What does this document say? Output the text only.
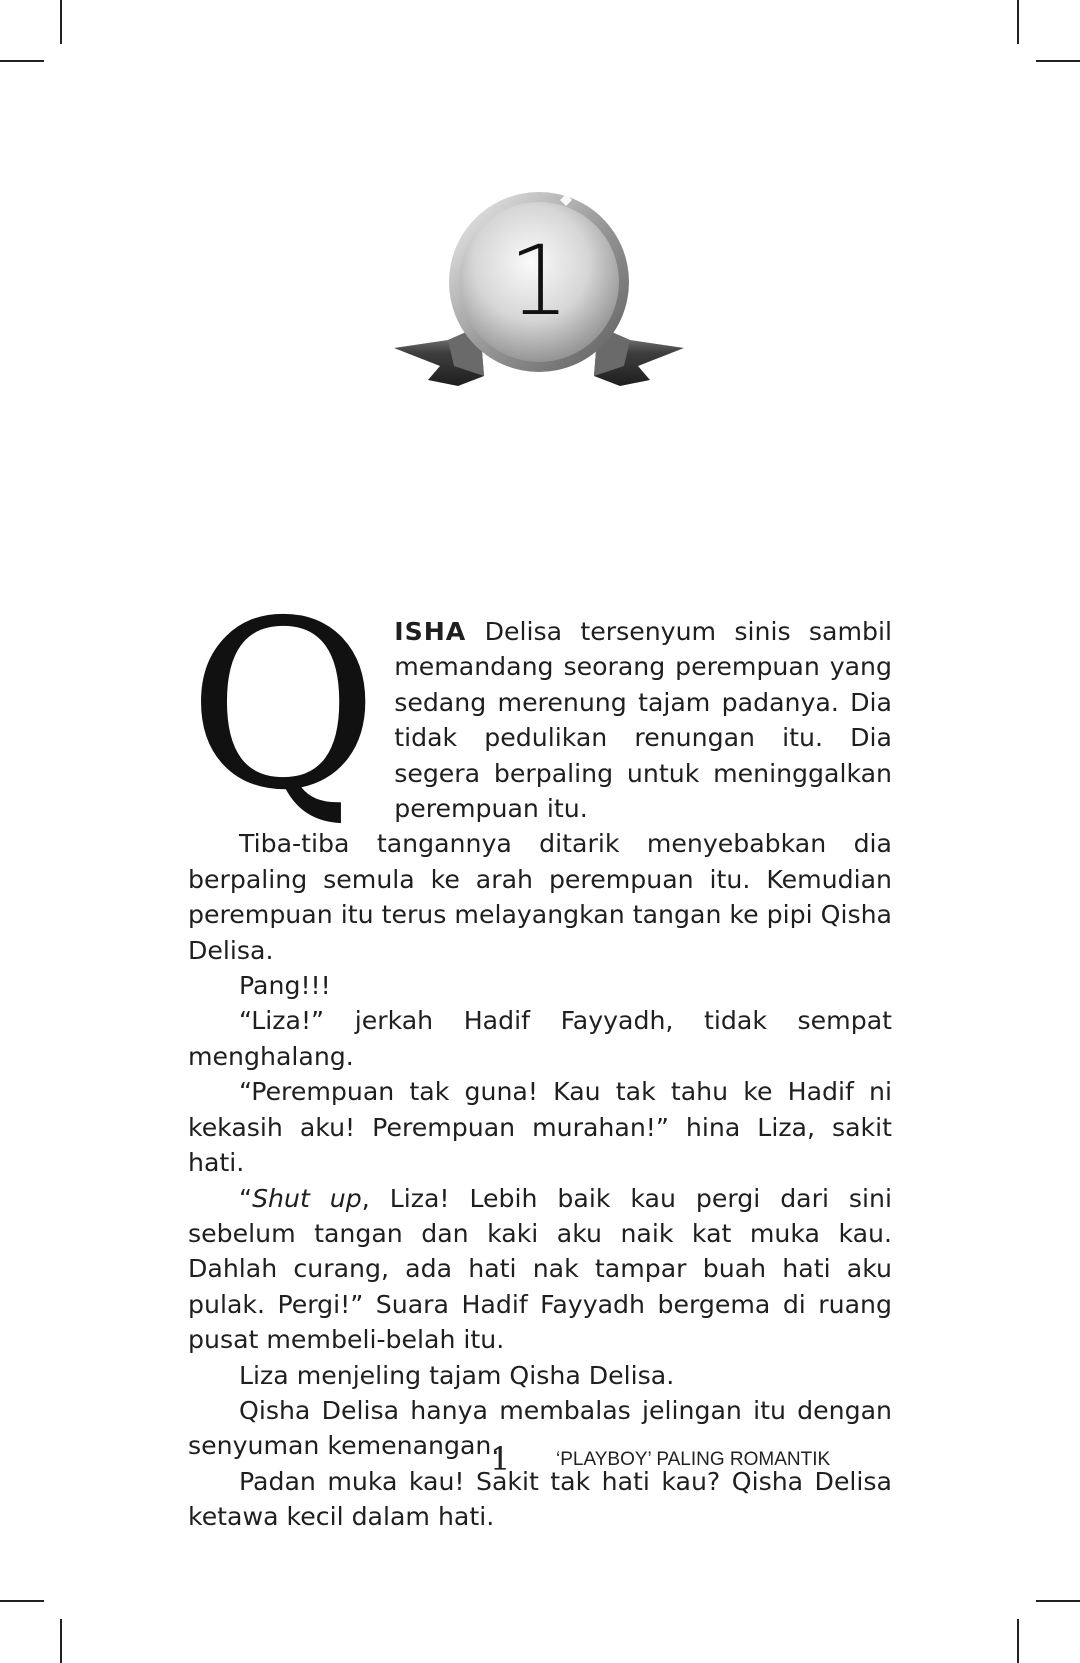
1

QISHA Delisa tersenyum sinis sambil memandang seorang perempuan yang sedang merenung tajam padanya. Dia tidak pedulikan renungan itu. Dia segera berpaling untuk meninggalkan perempuan itu.

Tiba-tiba tangannya ditarik menyebabkan dia berpaling semula ke arah perempuan itu. Kemudian perempuan itu terus melayangkan tangan ke pipi Qisha Delisa.

Pang!!!

“Liza!” jerkah Hadif Fayyadh, tidak sempat menghalang.

“Perempuan tak guna! Kau tak tahu ke Hadif ni kekasih aku! Perempuan murahan!” hina Liza, sakit hati.

“Shut up, Liza! Lebih baik kau pergi dari sini sebelum tangan dan kaki aku naik kat muka kau. Dahlah curang, ada hati nak tampar buah hati aku pulak. Pergi!” Suara Hadif Fayyadh bergema di ruang pusat membeli-belah itu.

Liza menjeling tajam Qisha Delisa.

Qisha Delisa hanya membalas jelingan itu dengan senyuman kemenangan.

Padan muka kau! Sakit tak hati kau? Qisha Delisa ketawa kecil dalam hati.

1 ‘PLAYBOY’ PALING ROMANTIK
